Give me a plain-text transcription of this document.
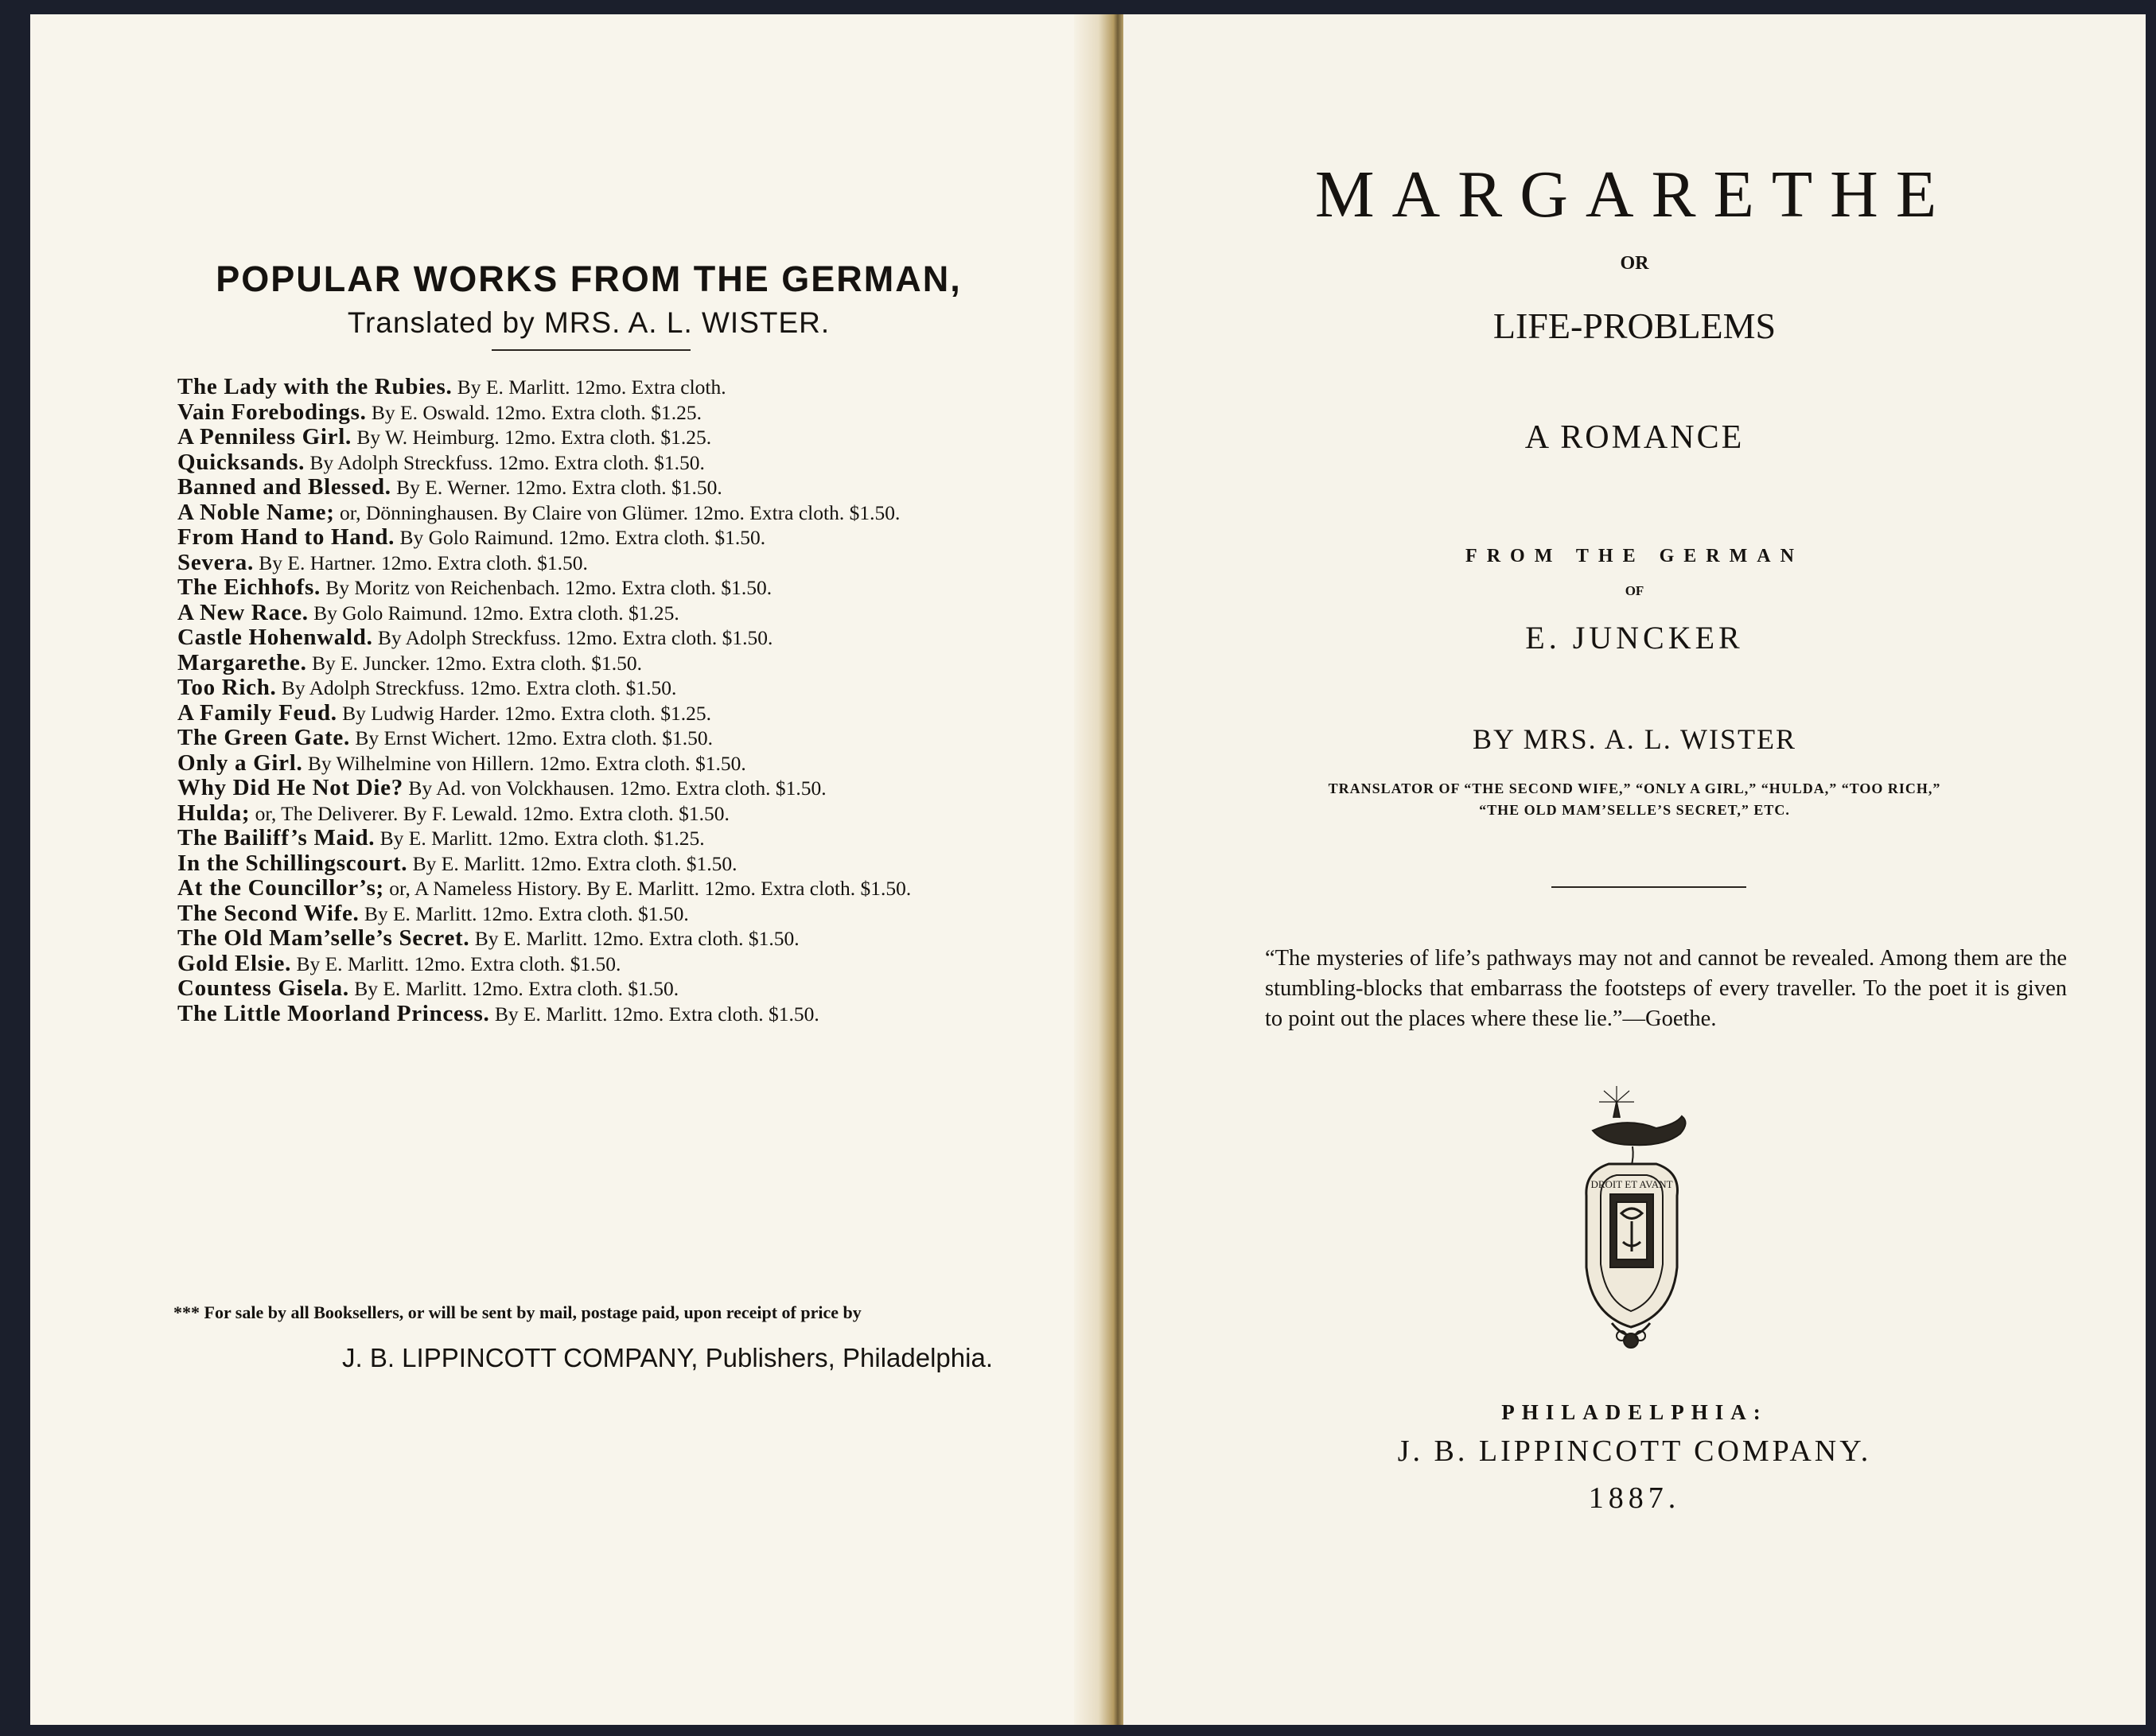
POPULAR WORKS FROM THE GERMAN,
Translated by MRS. A. L. WISTER.

The Lady with the Rubies. By E. Marlitt. 12mo. Extra cloth.

Vain Forebodings. By E. Oswald. 12mo. Extra cloth. $1.25.

A Penniless Girl. By W. Heimburg. 12mo. Extra cloth. $1.25.

Quicksands. By Adolph Streckfuss. 12mo. Extra cloth. $1.50.

Banned and Blessed. By E. Werner. 12mo. Extra cloth. $1.50.

A Noble Name; or, Dönninghausen. By Claire von Glümer. 12mo. Extra cloth. $1.50.

From Hand to Hand. By Golo Raimund. 12mo. Extra cloth. $1.50.

Severa. By E. Hartner. 12mo. Extra cloth. $1.50.

The Eichhofs. By Moritz von Reichenbach. 12mo. Extra cloth. $1.50.

A New Race. By Golo Raimund. 12mo. Extra cloth. $1.25.

Castle Hohenwald. By Adolph Streckfuss. 12mo. Extra cloth. $1.50.

Margarethe. By E. Juncker. 12mo. Extra cloth. $1.50.

Too Rich. By Adolph Streckfuss. 12mo. Extra cloth. $1.50.

A Family Feud. By Ludwig Harder. 12mo. Extra cloth. $1.25.

The Green Gate. By Ernst Wichert. 12mo. Extra cloth. $1.50.

Only a Girl. By Wilhelmine von Hillern. 12mo. Extra cloth. $1.50.

Why Did He Not Die? By Ad. von Volckhausen. 12mo. Extra cloth. $1.50.

Hulda; or, The Deliverer. By F. Lewald. 12mo. Extra cloth. $1.50.

The Bailiff’s Maid. By E. Marlitt. 12mo. Extra cloth. $1.25.

In the Schillingscourt. By E. Marlitt. 12mo. Extra cloth. $1.50.

At the Councillor’s; or, A Nameless History. By E. Marlitt. 12mo. Extra cloth. $1.50.

The Second Wife. By E. Marlitt. 12mo. Extra cloth. $1.50.

The Old Mam’selle’s Secret. By E. Marlitt. 12mo. Extra cloth. $1.50.

Gold Elsie. By E. Marlitt. 12mo. Extra cloth. $1.50.

Countess Gisela. By E. Marlitt. 12mo. Extra cloth. $1.50.

The Little Moorland Princess. By E. Marlitt. 12mo. Extra cloth. $1.50.

*** For sale by all Booksellers, or will be sent by mail, postage paid, upon receipt of price by
J. B. LIPPINCOTT COMPANY, Publishers, Philadelphia.
MARGARETHE
OR
LIFE-PROBLEMS
A ROMANCE
FROM THE GERMAN
OF
E. JUNCKER
BY MRS. A. L. WISTER
TRANSLATOR OF “THE SECOND WIFE,” “ONLY A GIRL,” “HULDA,” “TOO RICH,”
“THE OLD MAM’SELLE’S SECRET,” ETC.
“The mysteries of life’s pathways may not and cannot be revealed. Among them are the stumbling-blocks that embarrass the footsteps of every traveller. To the poet it is given to point out the places where these lie.”—Goethe.
DROIT ET AVANT
PHILADELPHIA:
J. B. LIPPINCOTT COMPANY.
1887.
